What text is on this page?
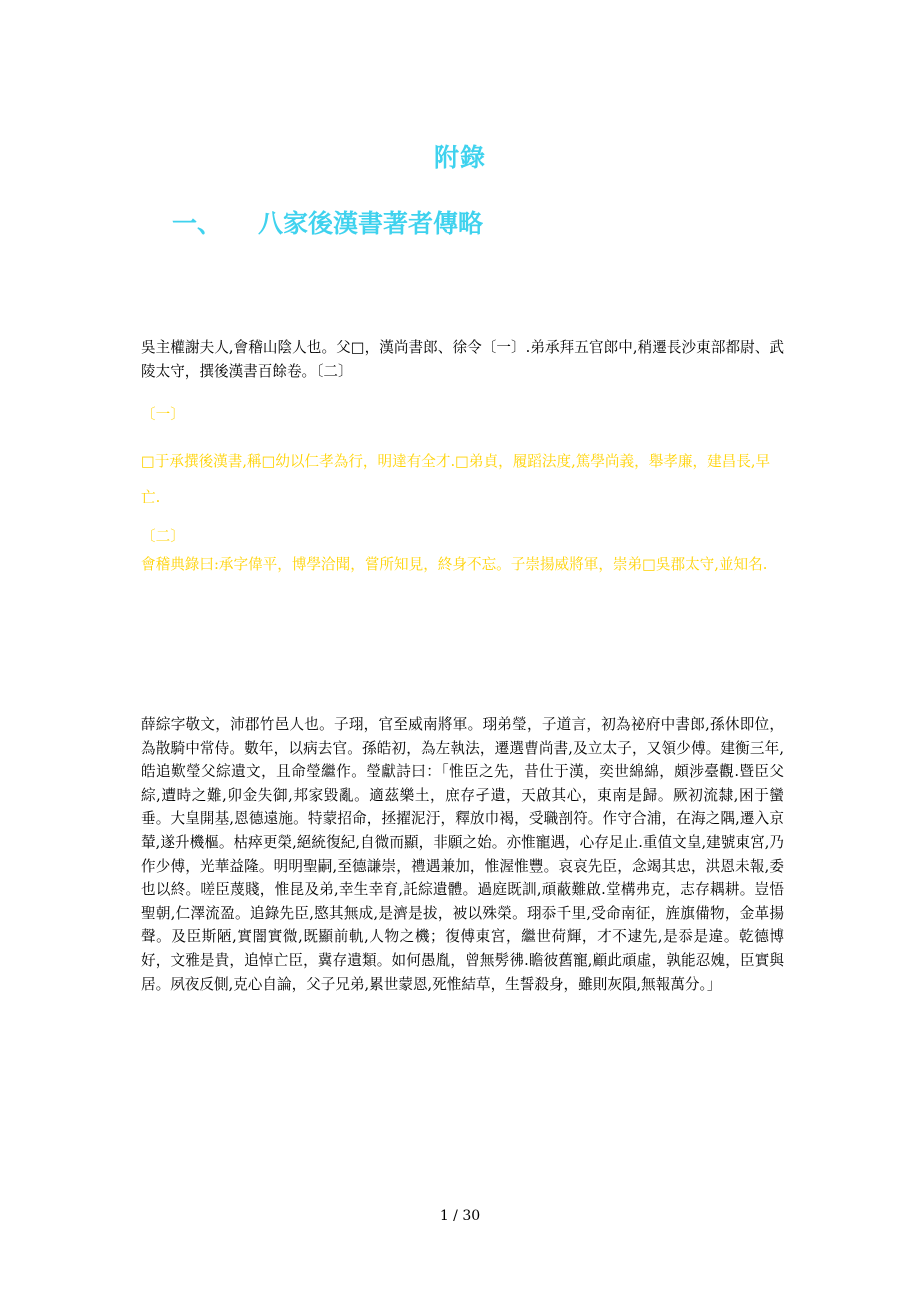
附錄
一、 八家後漢書著者傳略
吳主權謝夫人,會稽山陰人也。父□，漢尚書郎、徐令〔一〕.弟承拜五官郎中,稍遷長沙東部都尉、武陵太守，撰後漢書百餘卷。〔二〕
〔一〕
□于承撰後漢書,稱□幼以仁孝為行，明達有全才.□弟貞，履蹈法度,篤學尚義，舉孝廉，建昌長,早亡.
〔二〕
會稽典錄曰:承字偉平，博學洽聞，嘗所知見，終身不忘。子崇揚威將軍，崇弟□吳郡太守,並知名.
薛綜字敬文，沛郡竹邑人也。子珝，官至威南將軍。珝弟瑩，子道言，初為祕府中書郎,孫休即位，為散騎中常侍。數年，以病去官。孫皓初，為左執法，遷選曹尚書,及立太子，又領少傅。建衡三年,皓追歎瑩父綜遺文，且命瑩繼作。瑩獻詩曰：「惟臣之先，昔仕于漢，奕世綿綿，頗涉臺觀.暨臣父綜,遭時之難,卯金失御,邦家毀亂。適茲樂土，庶存孑遺，天啟其心，東南是歸。厥初流隸,困于蠻垂。大皇開基,恩德遠施。特蒙招命，拯擢泥汙，釋放巾褐，受職剖符。作守合浦，在海之隅,遷入京輦,遂升機樞。枯瘁更榮,絕統復紀,自微而顯，非願之始。亦惟寵遇，心存足止.重值文皇,建號東宮,乃作少傅，光華益隆。明明聖嗣,至德謙崇，禮遇兼加，惟渥惟豐。哀哀先臣，念竭其忠，洪恩未報,委也以終。嗟臣蔑賤，惟昆及弟,幸生幸育,託綜遺體。過庭既訓,頑蔽難啟.堂構弗克，志存耦耕。豈悟聖朝,仁澤流盈。追錄先臣,愍其無成,是濟是拔，被以殊榮。珝忝千里,受命南征，旌旗備物，金革揚聲。及臣斯陋,實闇實微,既顯前軌,人物之機；復傅東宮，繼世荷輝，才不逮先,是忝是違。乾德博好，文雅是貴，追悼亡臣，冀存遺類。如何愚胤，曾無髣彿.瞻彼舊寵,顧此頑虛，孰能忍媿，臣實與居。夙夜反側,克心自論，父子兄弟,累世蒙恩,死惟結草，生誓殺身，雖則灰隕,無報萬分。」
1 / 30
